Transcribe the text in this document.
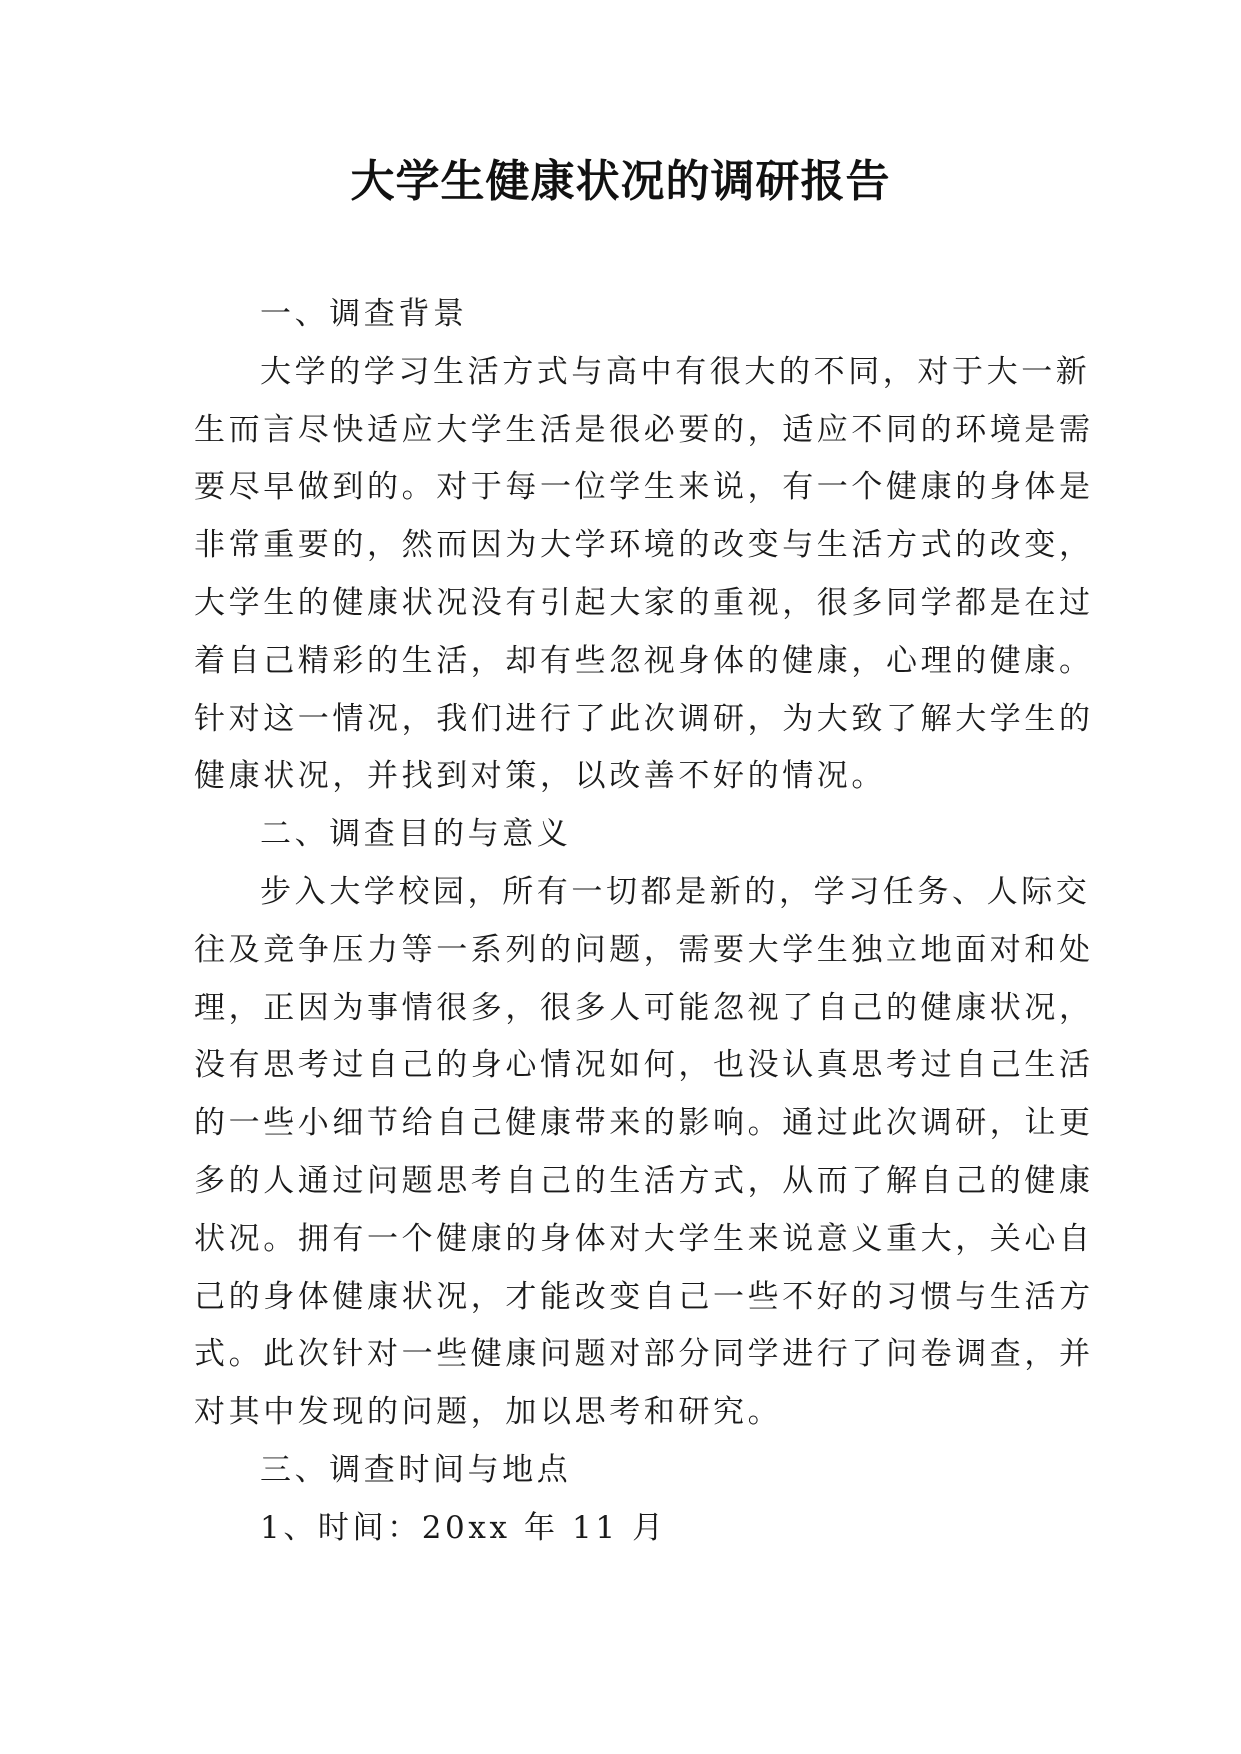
大学生健康状况的调研报告
一、调查背景
大学的学习生活方式与高中有很大的不同，对于大一新
生而言尽快适应大学生活是很必要的，适应不同的环境是需
要尽早做到的。对于每一位学生来说，有一个健康的身体是
非常重要的，然而因为大学环境的改变与生活方式的改变，
大学生的健康状况没有引起大家的重视，很多同学都是在过
着自己精彩的生活，却有些忽视身体的健康，心理的健康。
针对这一情况，我们进行了此次调研，为大致了解大学生的
健康状况，并找到对策，以改善不好的情况。
二、调查目的与意义
步入大学校园，所有一切都是新的，学习任务、人际交
往及竞争压力等一系列的问题，需要大学生独立地面对和处
理，正因为事情很多，很多人可能忽视了自己的健康状况，
没有思考过自己的身心情况如何，也没认真思考过自己生活
的一些小细节给自己健康带来的影响。通过此次调研，让更
多的人通过问题思考自己的生活方式，从而了解自己的健康
状况。拥有一个健康的身体对大学生来说意义重大，关心自
己的身体健康状况，才能改变自己一些不好的习惯与生活方
式。此次针对一些健康问题对部分同学进行了问卷调查，并
对其中发现的问题，加以思考和研究。
三、调查时间与地点
1、时间：20xx 年 11 月
